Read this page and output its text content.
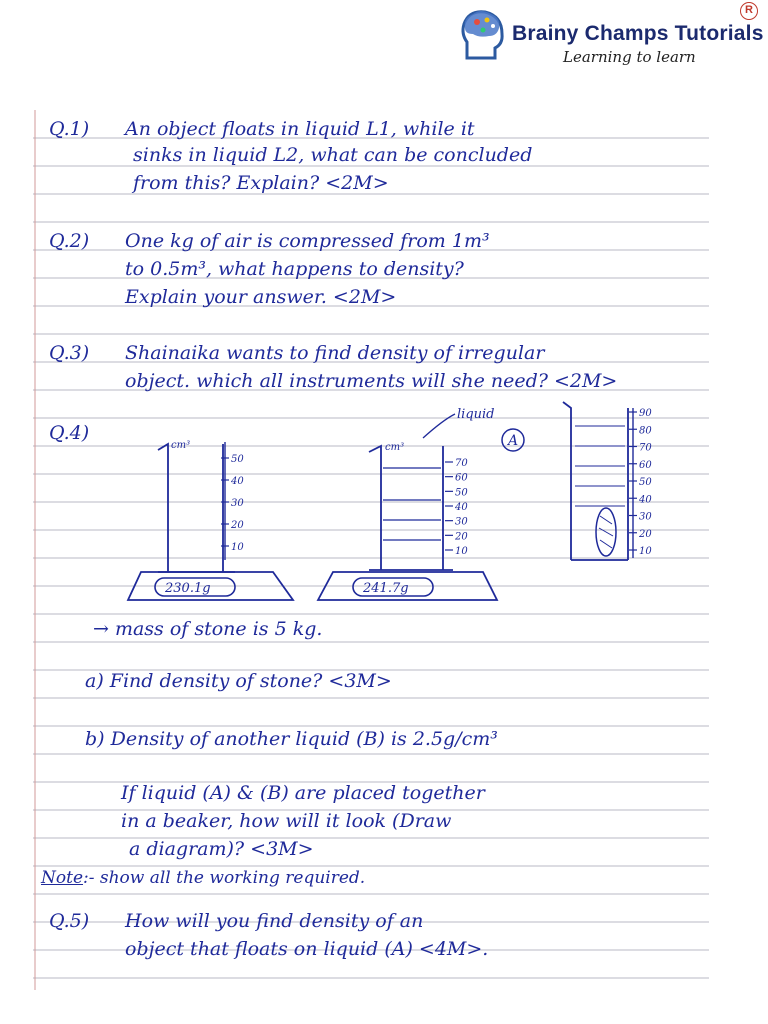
Brainy Champs Tutorials
R
Learning to learn
Q.1) An object floats in liquid L1, while it
sinks in liquid L2, what can be concluded
from this? Explain? <2M>
Q.2) One kg of air is compressed from 1m³
to 0.5m³, what happens to density?
Explain your answer. <2M>
Q.3) Shainaika wants to find density of irregular
object. which all instruments will she need? <2M>
Q.4)
cm³
50
40
30
20
10
230.1g
cm³
liquid
A
70
60
50
40
30
20
10
241.7g
90
80
70
60
50
40
30
20
10
→ mass of stone is 5 kg.
a) Find density of stone? <3M>
b) Density of another liquid (B) is 2.5g/cm³
If liquid (A) & (B) are placed together
in a beaker, how will it look (Draw
a diagram)? <3M>
Note :- show all the working required.
Q.5) How will you find density of an
object that floats on liquid (A) <4M>.
